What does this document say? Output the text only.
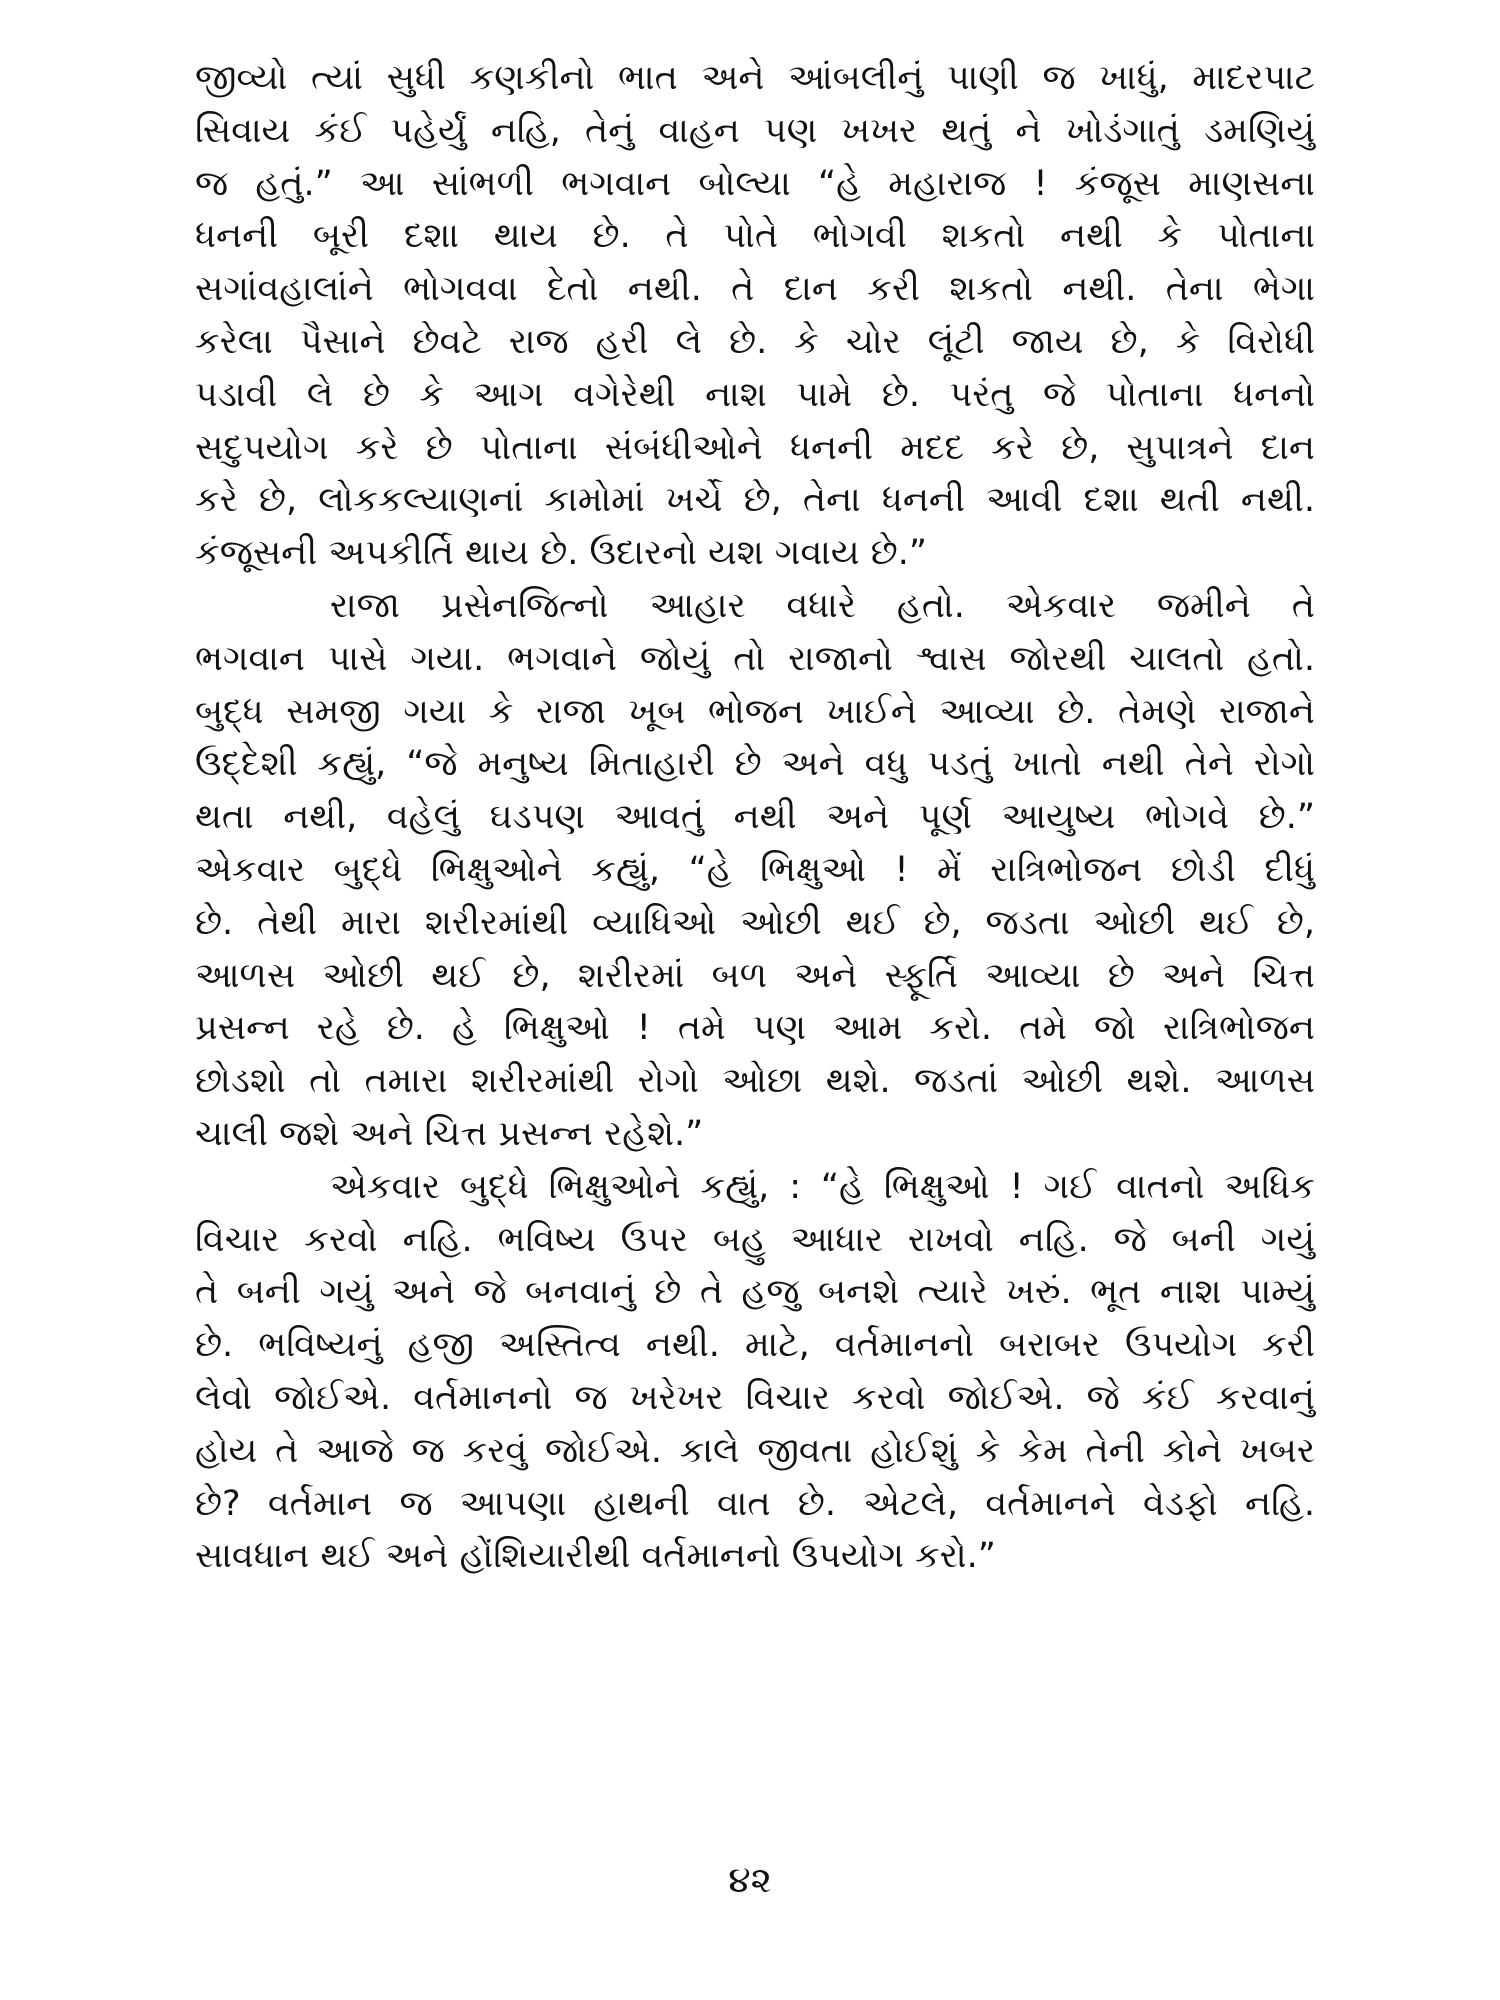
જીવ્યો ત્યાં સુધી કણકીનો ભાત અને આંબલીનું પાણી જ ખાધું, માદરપાટ
સિવાય કંઈ પહેર્યું નહિ, તેનું વાહન પણ ખખર થતું ને ખોડંગાતું ડમણિયું
જ હતું.” આ સાંભળી ભગવાન બોલ્યા “હે મહારાજ ! કંજૂસ માણસના
ધનની બૂરી દશા થાય છે. તે પોતે ભોગવી શકતો નથી કે પોતાના
સગાંવહાલાંને ભોગવવા દેતો નથી. તે દાન કરી શકતો નથી. તેના ભેગા
કરેલા પૈસાને છેવટે રાજ હરી લે છે. કે ચોર લૂંટી જાય છે, કે વિરોધી
પડાવી લે છે કે આગ વગેરેથી નાશ પામે છે. પરંતુ જે પોતાના ધનનો
સદુપયોગ કરે છે પોતાના સંબંધીઓને ધનની મદદ કરે છે, સુપાત્રને દાન
કરે છે, લોકકલ્યાણનાં કામોમાં ખર્ચે છે, તેના ધનની આવી દશા થતી નથી.
કંજૂસની અપકીર્તિ થાય છે. ઉદારનો યશ ગવાય છે.”
રાજા પ્રસેનજિત્નો આહાર વધારે હતો. એકવાર જમીને તે
ભગવાન પાસે ગયા. ભગવાને જોયું તો રાજાનો શ્વાસ જોરથી ચાલતો હતો.
બુદ્ધ સમજી ગયા કે રાજા ખૂબ ભોજન ખાઈને આવ્યા છે. તેમણે રાજાને
ઉદ્દેશી કહ્યું, “જે મનુષ્ય મિતાહારી છે અને વધુ પડતું ખાતો નથી તેને રોગો
થતા નથી, વહેલું ઘડપણ આવતું નથી અને પૂર્ણ આયુષ્ય ભોગવે છે.”
એકવાર બુદ્ધે ભિક્ષુઓને કહ્યું, “હે ભિક્ષુઓ ! મેં રાત્રિભોજન છોડી દીધું
છે. તેથી મારા શરીરમાંથી વ્યાધિઓ ઓછી થઈ છે, જડતા ઓછી થઈ છે,
આળસ ઓછી થઈ છે, શરીરમાં બળ અને સ્ફૂર્તિ આવ્યા છે અને ચિત્ત
પ્રસન્ન રહે છે. હે ભિક્ષુઓ ! તમે પણ આમ કરો. તમે જો રાત્રિભોજન
છોડશો તો તમારા શરીરમાંથી રોગો ઓછા થશે. જડતાં ઓછી થશે. આળસ
ચાલી જશે અને ચિત્ત પ્રસન્ન રહેશે.”
એકવાર બુદ્ધે ભિક્ષુઓને કહ્યું, : “હે ભિક્ષુઓ ! ગઈ વાતનો અધિક
વિચાર કરવો નહિ. ભવિષ્ય ઉપર બહુ આધાર રાખવો નહિ. જે બની ગયું
તે બની ગયું અને જે બનવાનું છે તે હજુ બનશે ત્યારે ખરું. ભૂત નાશ પામ્યું
છે. ભવિષ્યનું હજી અસ્તિત્વ નથી. માટે, વર્તમાનનો બરાબર ઉપયોગ કરી
લેવો જોઈએ. વર્તમાનનો જ ખરેખર વિચાર કરવો જોઈએ. જે કંઈ કરવાનું
હોય તે આજે જ કરવું જોઈએ. કાલે જીવતા હોઈશું કે કેમ તેની કોને ખબર
છે? વર્તમાન જ આપણા હાથની વાત છે. એટલે, વર્તમાનને વેડફો નહિ.
સાવધાન થઈ અને હોંશિયારીથી વર્તમાનનો ઉપયોગ કરો.”
૪૨
